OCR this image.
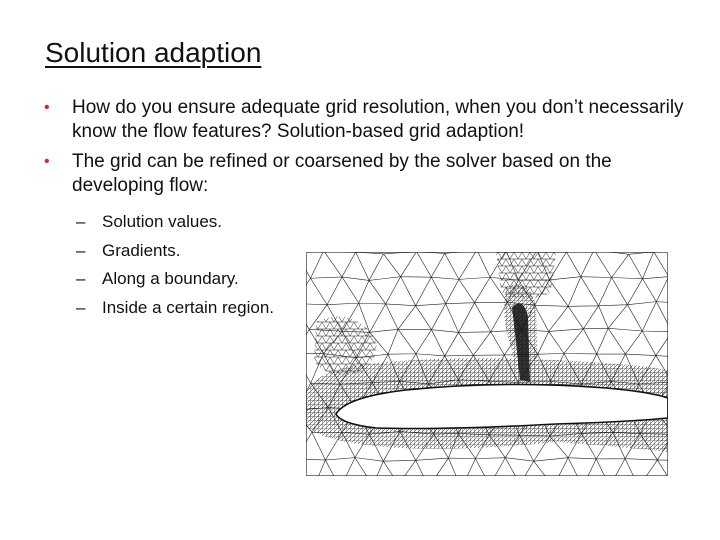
Solution adaption
• How do you ensure adequate grid resolution, when you don’t necessarily know the flow features? Solution-based grid adaption!
• The grid can be refined or coarsened by the solver based on the developing flow:
– Solution values.
– Gradients.
– Along a boundary.
– Inside a certain region.
